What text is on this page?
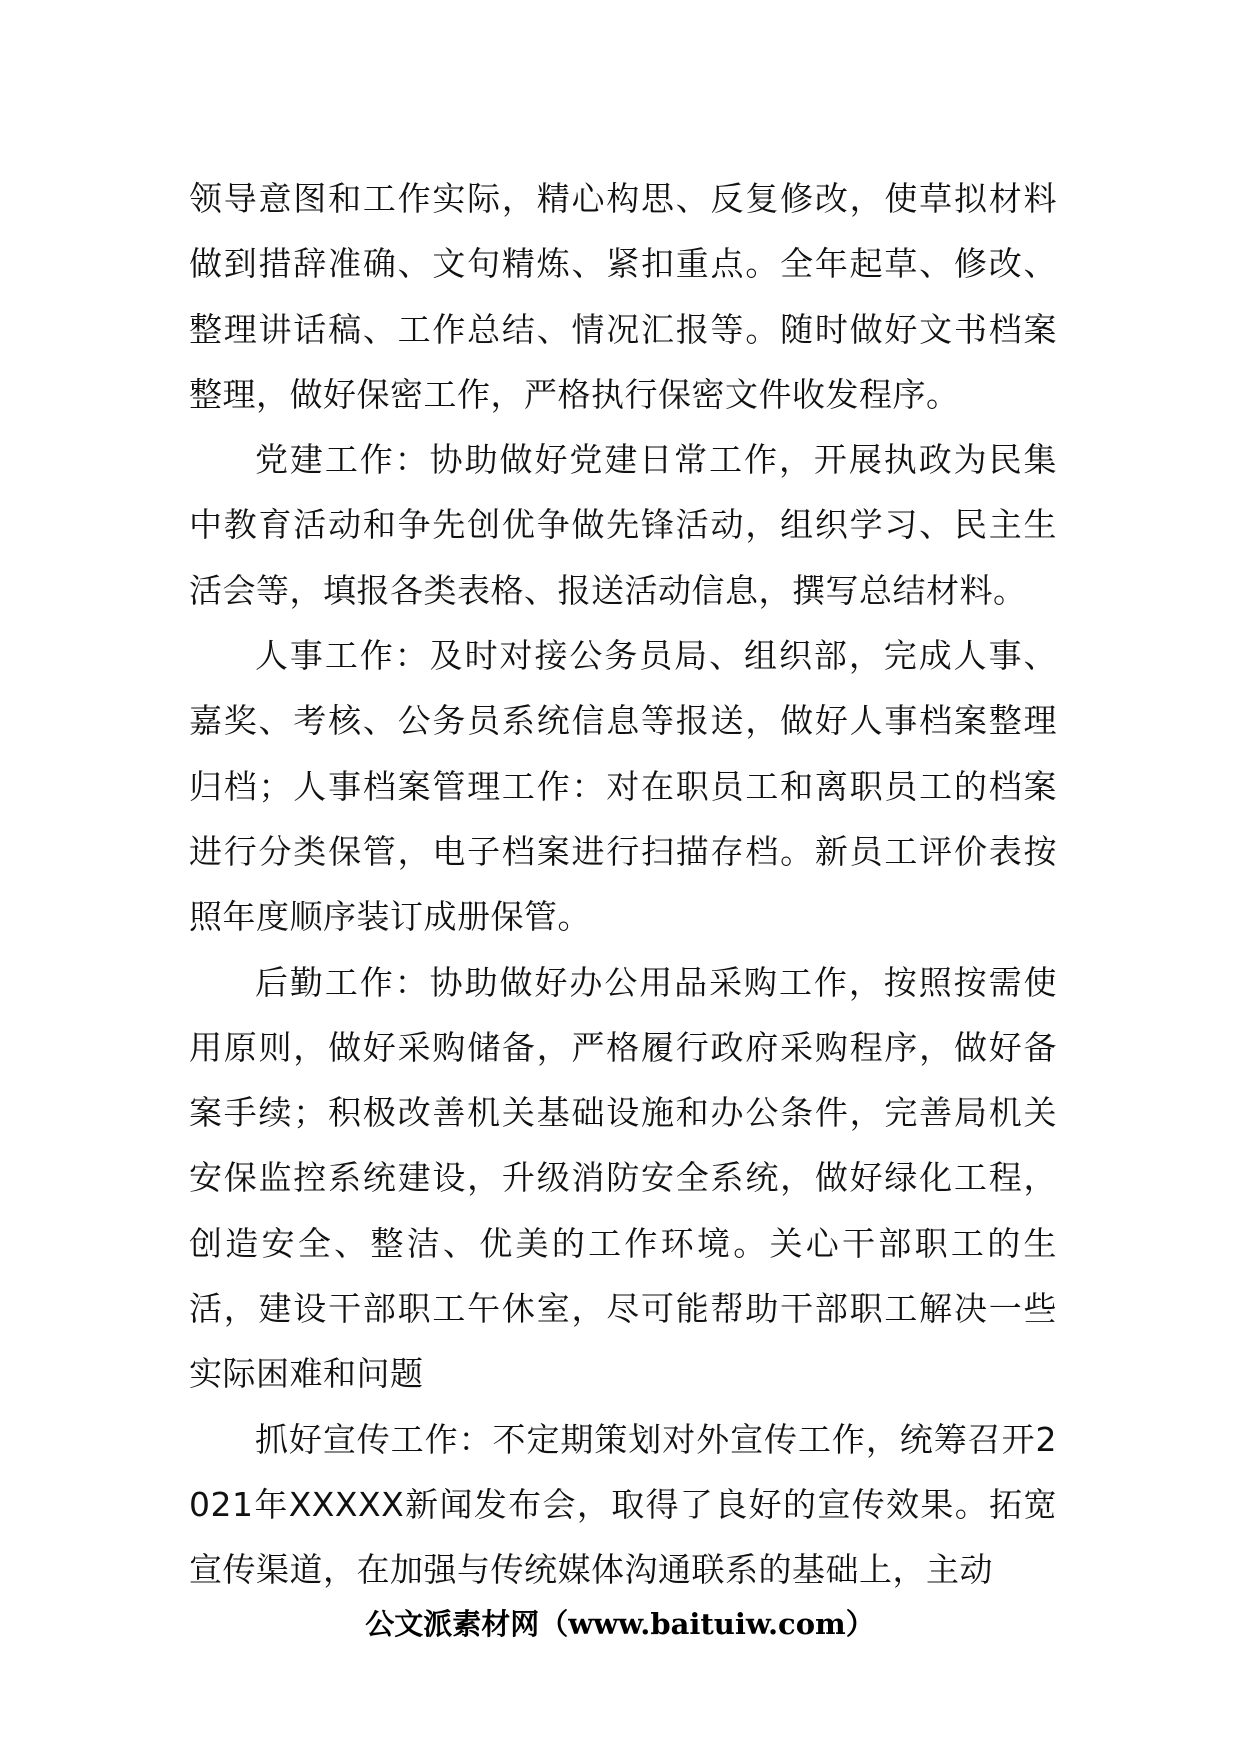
领导意图和工作实际，精心构思、反复修改，使草拟材料做到措辞准确、文句精炼、紧扣重点。全年起草、修改、整理讲话稿、工作总结、情况汇报等。随时做好文书档案整理，做好保密工作，严格执行保密文件收发程序。

党建工作：协助做好党建日常工作，开展执政为民集中教育活动和争先创优争做先锋活动，组织学习、民主生活会等，填报各类表格、报送活动信息，撰写总结材料。

人事工作：及时对接公务员局、组织部，完成人事、嘉奖、考核、公务员系统信息等报送，做好人事档案整理归档；人事档案管理工作：对在职员工和离职员工的档案进行分类保管，电子档案进行扫描存档。新员工评价表按照年度顺序装订成册保管。

后勤工作：协助做好办公用品采购工作，按照按需使用原则，做好采购储备，严格履行政府采购程序，做好备案手续；积极改善机关基础设施和办公条件，完善局机关安保监控系统建设，升级消防安全系统，做好绿化工程，创造安全、整洁、优美的工作环境。关心干部职工的生活，建设干部职工午休室，尽可能帮助干部职工解决一些实际困难和问题

抓好宣传工作：不定期策划对外宣传工作，统筹召开2021年XXXXX新闻发布会，取得了良好的宣传效果。拓宽宣传渠道，在加强与传统媒体沟通联系的基础上，主动

公文派素材网（www.baituiw.com）
